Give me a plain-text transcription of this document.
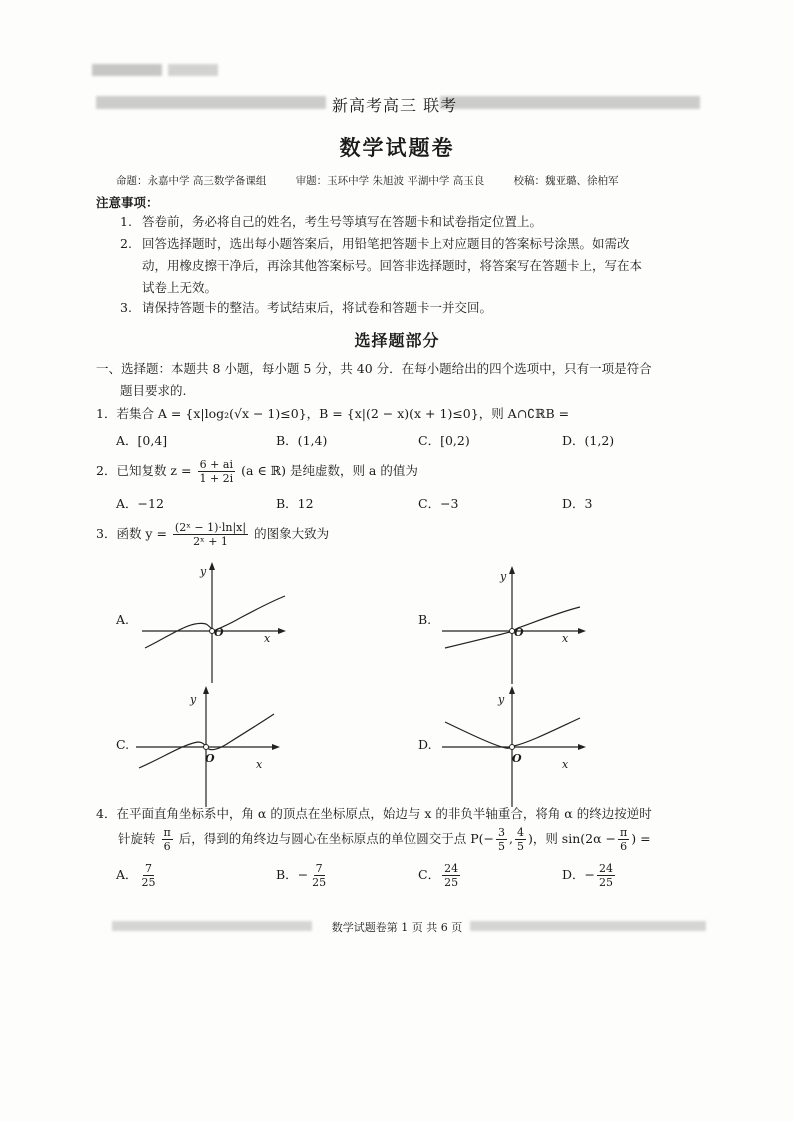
新高考高三 联考
数学试题卷
命题：永嘉中学 高三数学备课组	审题：玉环中学 朱旭波 平湖中学 高玉良	校稿：魏亚璐、徐柏军
注意事项：
1. 答卷前，务必将自己的姓名，考生号等填写在答题卡和试卷指定位置上。
2. 回答选择题时，选出每小题答案后，用铅笔把答题卡上对应题目的答案标号涂黑。如需改
动，用橡皮擦干净后，再涂其他答案标号。回答非选择题时，将答案写在答题卡上，写在本
试卷上无效。
3. 请保持答题卡的整洁。考试结束后，将试卷和答题卡一并交回。
选择题部分
一、选择题：本题共 8 小题，每小题 5 分，共 40 分．在每小题给出的四个选项中，只有一项是符合
题目要求的.
1．若集合 A = {x|log₂(√x − 1)≤0}，B = {x|(2 − x)(x + 1)≤0}，则 A∩∁ℝB =
A．[0,4]	B．(1,4)	C．[0,2)	D．(1,2)
2．已知复数 $z = \frac{6 + ai}{1 + 2i} (a$ ∈ ℝ) 是纯虚数，则 a 的值为
A．−12	B．12	C．−3	D．3
3．函数 $y = \frac{\text{(2ˣ − 1)·ln|x|}}{\text{2ˣ + 1}}$ 的图象大致为
A.
y
x
O
B.
y
x
O
C.
y
x
O
D.
y
x
O
4．在平面直角坐标系中，角 α 的顶点在坐标原点，始边与 x 的非负半轴重合，将角 α 的终边按逆时
针旋转 $\frac{\pi}{6}$ 后，得到的角终边与圆心在坐标原点的单位圆交于点 $P(- \frac{3}{5}$ , $\frac{4}{5}$ )，则 $\sin(2\alpha - \frac{\pi}{6}$ ) =
A． $\frac{7}{25}$	B．− $\frac{7}{25}$	C． $\frac{24}{25}$	D．− $\frac{24}{25}$
数学试题卷第 1 页 共 6 页
